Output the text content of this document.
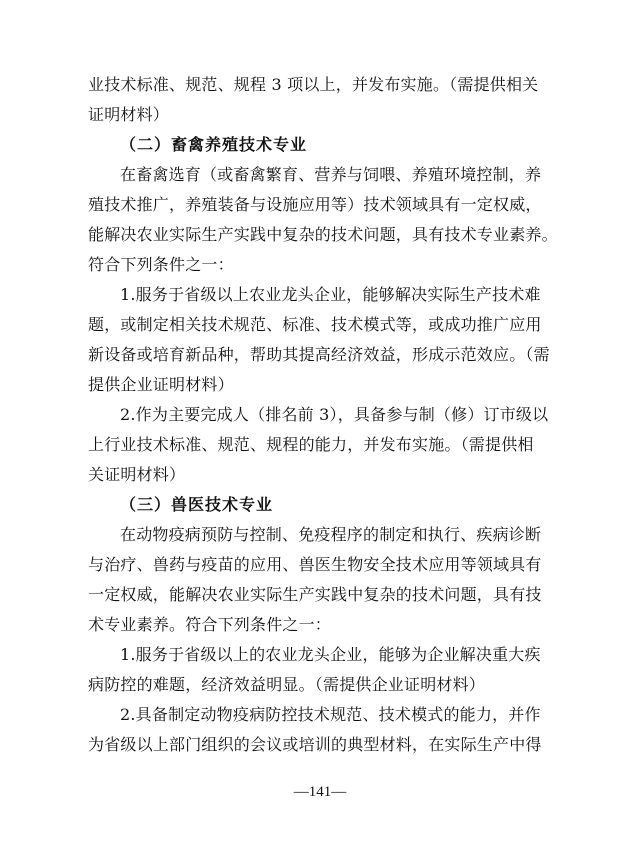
业技术标准、规范、规程 3 项以上，并发布实施。（需提供相关
证明材料）
（二）畜禽养殖技术专业
在畜禽选育（或畜禽繁育、营养与饲喂、养殖环境控制，养
殖技术推广，养殖装备与设施应用等）技术领域具有一定权威，
能解决农业实际生产实践中复杂的技术问题，具有技术专业素养。
符合下列条件之一：
1.服务于省级以上农业龙头企业，能够解决实际生产技术难
题，或制定相关技术规范、标准、技术模式等，或成功推广应用
新设备或培育新品种，帮助其提高经济效益，形成示范效应。（需
提供企业证明材料）
2.作为主要完成人（排名前 3），具备参与制（修）订市级以
上行业技术标准、规范、规程的能力，并发布实施。（需提供相
关证明材料）
（三）兽医技术专业
在动物疫病预防与控制、免疫程序的制定和执行、疾病诊断
与治疗、兽药与疫苗的应用、兽医生物安全技术应用等领域具有
一定权威，能解决农业实际生产实践中复杂的技术问题，具有技
术专业素养。符合下列条件之一：
1.服务于省级以上的农业龙头企业，能够为企业解决重大疾
病防控的难题，经济效益明显。（需提供企业证明材料）
2.具备制定动物疫病防控技术规范、技术模式的能力，并作
为省级以上部门组织的会议或培训的典型材料，在实际生产中得
—141—
